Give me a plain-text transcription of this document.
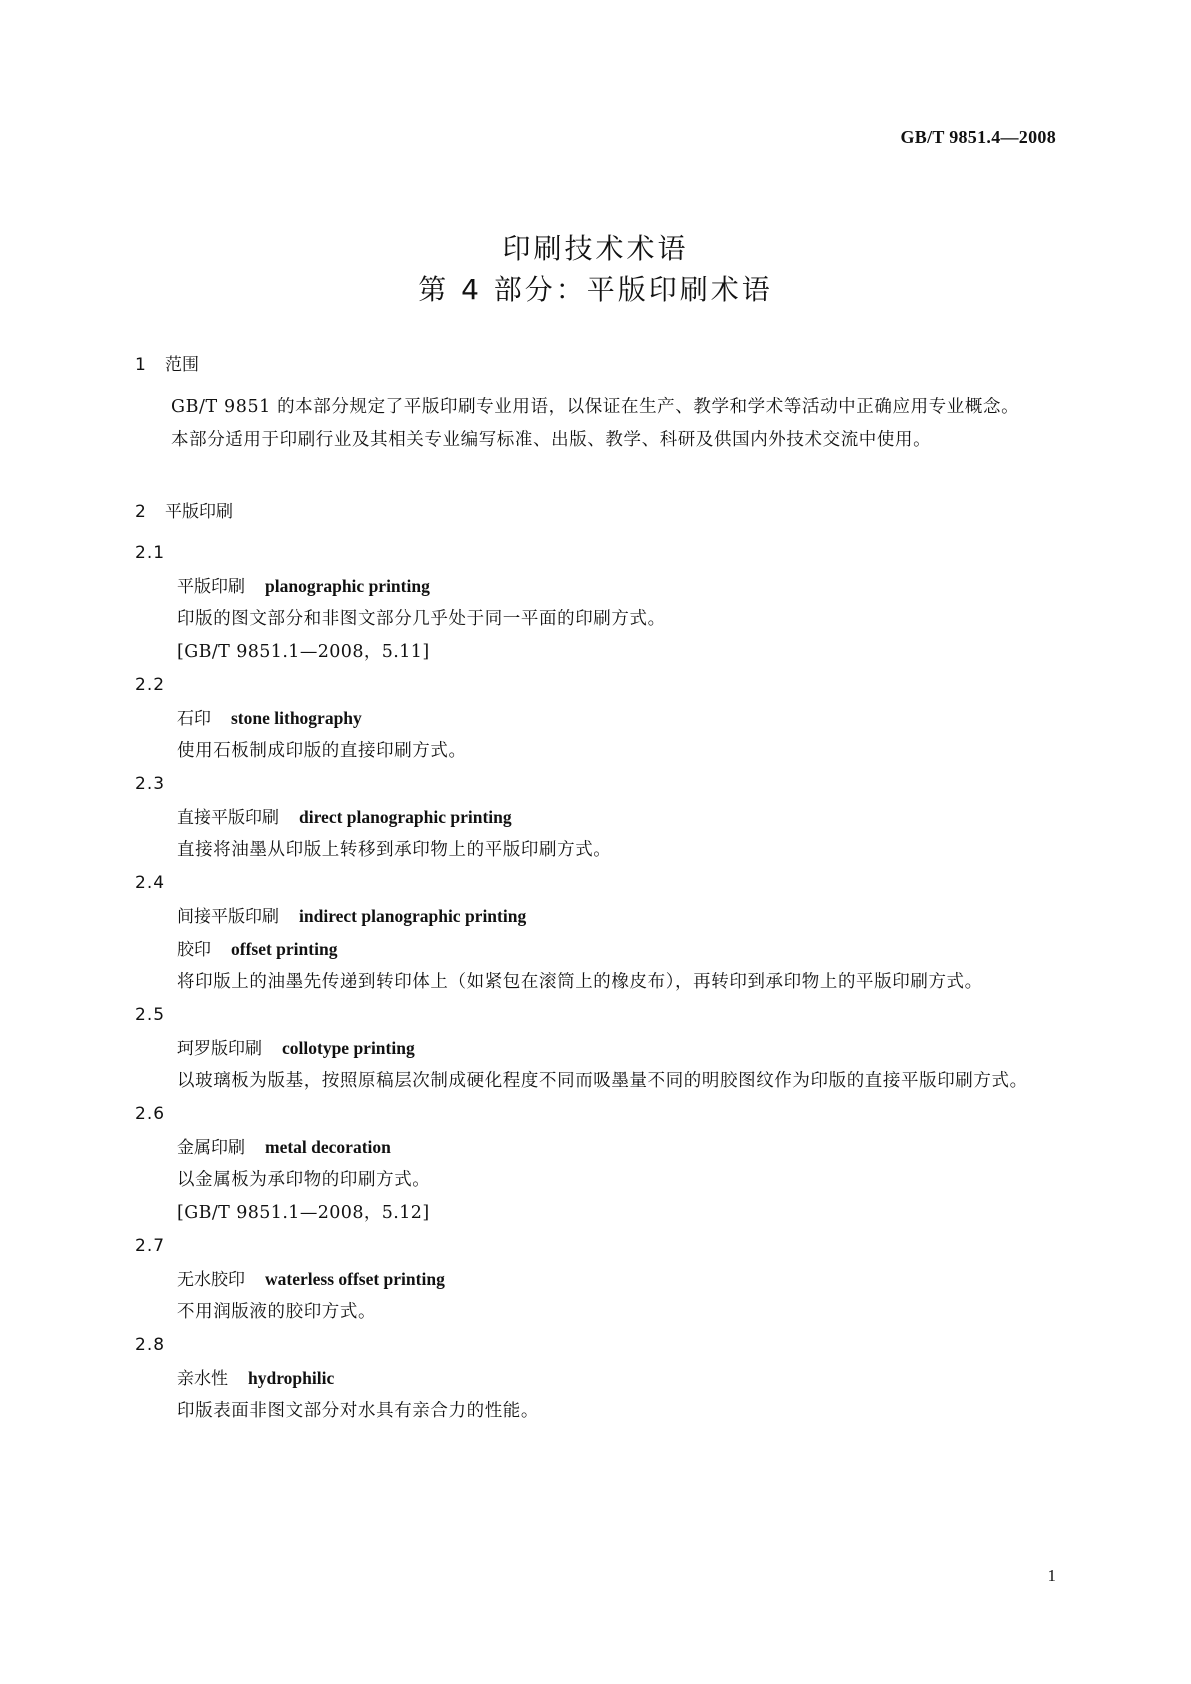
GB/T 9851.4—2008
印刷技术术语
第 4 部分：平版印刷术语
1 范围

GB/T 9851 的本部分规定了平版印刷专业用语，以保证在生产、教学和学术等活动中正确应用专业概念。

本部分适用于印刷行业及其相关专业编写标准、出版、教学、科研及供国内外技术交流中使用。

2 平版印刷
2.1
平版印刷 planographic printing

印版的图文部分和非图文部分几乎处于同一平面的印刷方式。

[GB/T 9851.1—2008，5.11]
2.2
石印 stone lithography

使用石板制成印版的直接印刷方式。

2.3
直接平版印刷 direct planographic printing

直接将油墨从印版上转移到承印物上的平版印刷方式。

2.4
间接平版印刷 indirect planographic printing
胶印 offset printing

将印版上的油墨先传递到转印体上（如紧包在滚筒上的橡皮布），再转印到承印物上的平版印刷方式。

2.5
珂罗版印刷 collotype printing

以玻璃板为版基，按照原稿层次制成硬化程度不同而吸墨量不同的明胶图纹作为印版的直接平版印刷方式。

2.6
金属印刷 metal decoration

以金属板为承印物的印刷方式。

[GB/T 9851.1—2008，5.12]
2.7
无水胶印 waterless offset printing

不用润版液的胶印方式。

2.8
亲水性 hydrophilic

印版表面非图文部分对水具有亲合力的性能。

1
